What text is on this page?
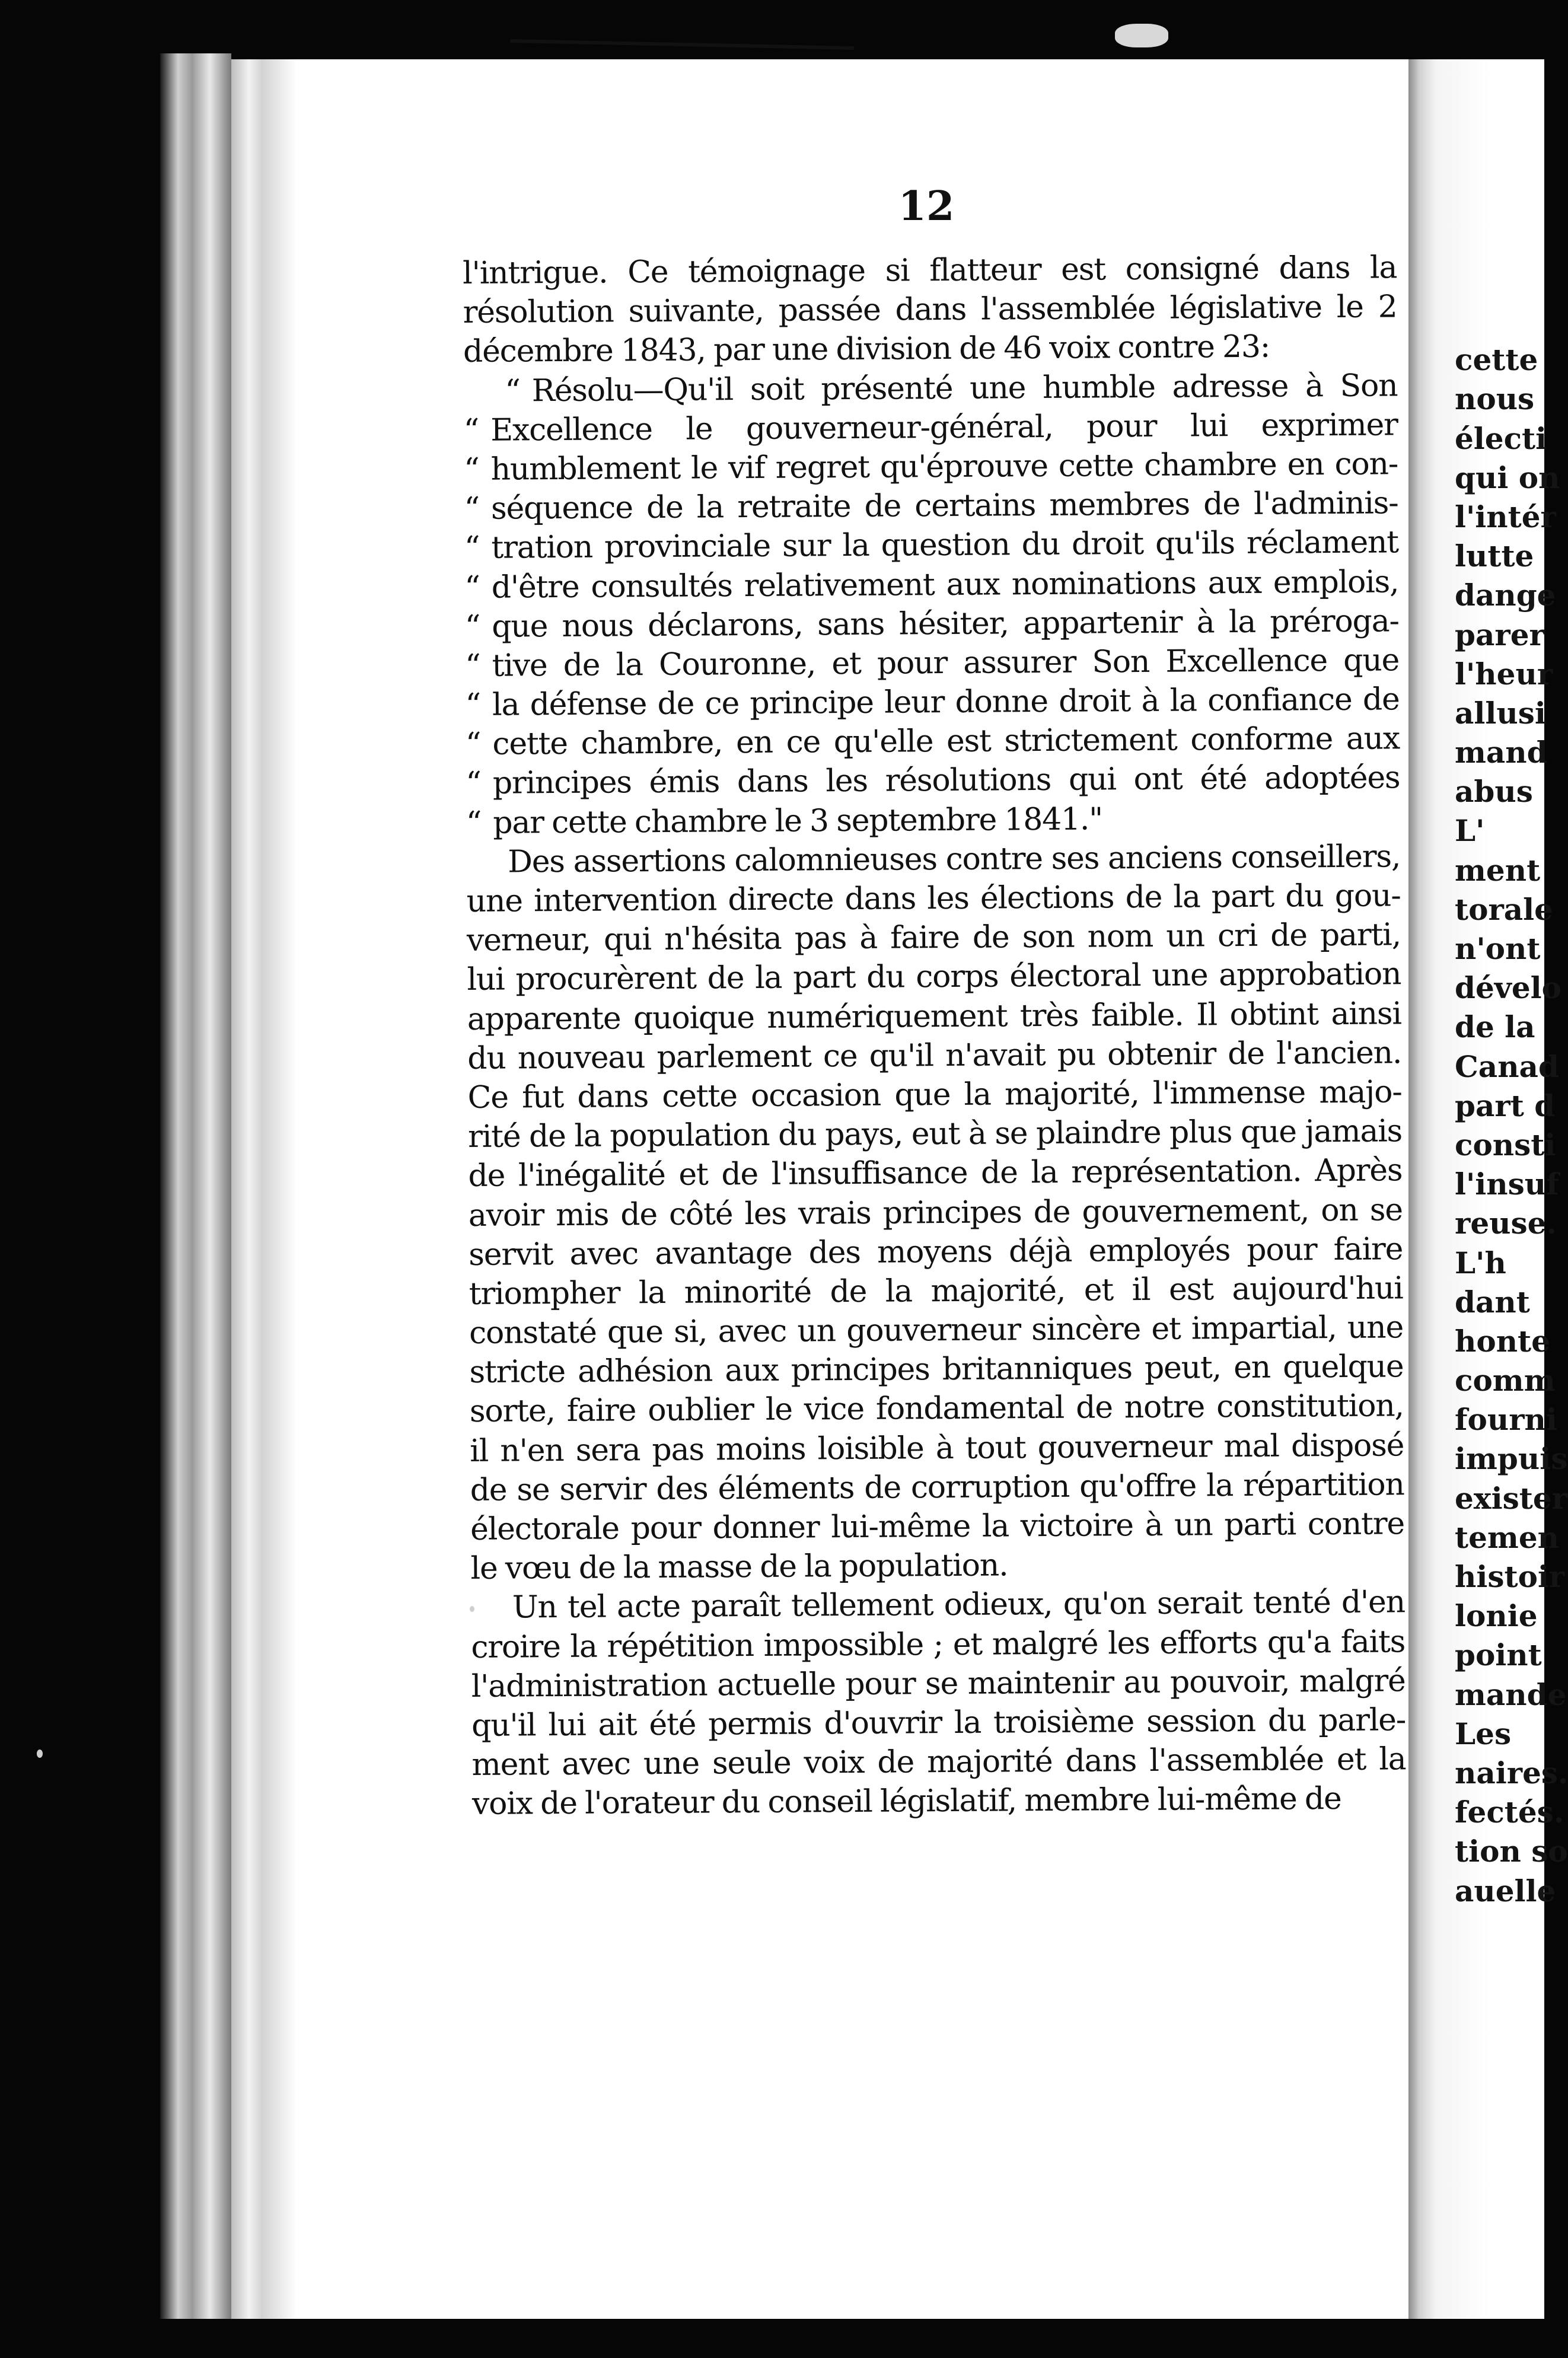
12
l'intrigue. Ce témoignage si flatteur est consigné dans la
résolution suivante, passée dans l'assemblée législative le 2
décembre 1843, par une division de 46 voix contre 23:
“ Résolu—Qu'il soit présenté une humble adresse à Son
“ Excellence le gouverneur-général, pour lui exprimer
“ humblement le vif regret qu'éprouve cette chambre en con-
“ séquence de la retraite de certains membres de l'adminis-
“ tration provinciale sur la question du droit qu'ils réclament
“ d'être consultés relativement aux nominations aux emplois,
“ que nous déclarons, sans hésiter, appartenir à la préroga-
“ tive de la Couronne, et pour assurer Son Excellence que
“ la défense de ce principe leur donne droit à la confiance de
“ cette chambre, en ce qu'elle est strictement conforme aux
“ principes émis dans les résolutions qui ont été adoptées
“ par cette chambre le 3 septembre 1841."
Des assertions calomnieuses contre ses anciens conseillers,
une intervention directe dans les élections de la part du gou-
verneur, qui n'hésita pas à faire de son nom un cri de parti,
lui procurèrent de la part du corps électoral une approbation
apparente quoique numériquement très faible. Il obtint ainsi
du nouveau parlement ce qu'il n'avait pu obtenir de l'ancien.
Ce fut dans cette occasion que la majorité, l'immense majo-
rité de la population du pays, eut à se plaindre plus que jamais
de l'inégalité et de l'insuffisance de la représentation. Après
avoir mis de côté les vrais principes de gouvernement, on se
servit avec avantage des moyens déjà employés pour faire
triompher la minorité de la majorité, et il est aujourd'hui
constaté que si, avec un gouverneur sincère et impartial, une
stricte adhésion aux principes britanniques peut, en quelque
sorte, faire oublier le vice fondamental de notre constitution,
il n'en sera pas moins loisible à tout gouverneur mal disposé
de se servir des éléments de corruption qu'offre la répartition
électorale pour donner lui-même la victoire à un parti contre
le vœu de la masse de la population.
Un tel acte paraît tellement odieux, qu'on serait tenté d'en
croire la répétition impossible ; et malgré les efforts qu'a faits
l'administration actuelle pour se maintenir au pouvoir, malgré
qu'il lui ait été permis d'ouvrir la troisième session du parle-
ment avec une seule voix de majorité dans l'assemblée et la
voix de l'orateur du conseil législatif, membre lui-même de
cette
nous
électi
qui on
l'intér
lutte
dange
parer
l'heur
allusi
mand
abus
L'
ment
torale
n'ont
dévelo
de la
Canad
part d
consti
l'insuf
reuse.
L'h
dant
honte
comm
fourni
impuis
exister
temen
histoir
lonie
point
mande
Les
naires.
fectés.
tion so
auelle
